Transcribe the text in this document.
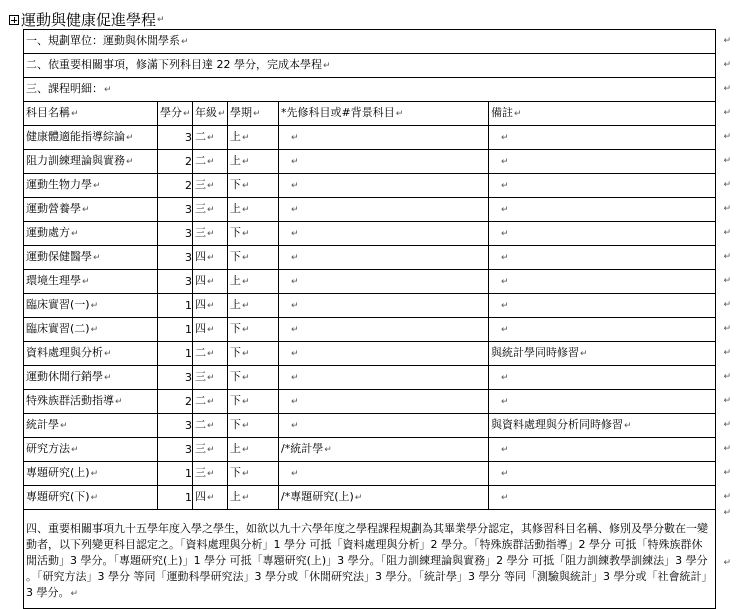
運動與健康促進學程 ↵
一、規劃單位：運動與休閒學系↵					
二、依重要相關事項，修滿下列科目達 22 學分，完成本學程↵					
三、課程明細：↵					
科目名稱↵	學分↵	年級↵	學期↵	*先修科目或#背景科目↵	備註↵
健康體適能指導綜論↵	3	二↵	上↵	↵	↵
阻力訓練理論與實務↵	2	二↵	上↵	↵	↵
運動生物力學↵	2	三↵	下↵	↵	↵
運動營養學↵	3	三↵	上↵	↵	↵
運動處方↵	3	三↵	下↵	↵	↵
運動保健醫學↵	3	四↵	下↵	↵	↵
環境生理學↵	3	四↵	上↵	↵	↵
臨床實習(一)↵	1	四↵	上↵	↵	↵
臨床實習(二)↵	1	四↵	下↵	↵	↵
資料處理與分析↵	1	二↵	下↵	↵	與統計學同時修習↵
運動休閒行銷學↵	3	三↵	下↵	↵	↵
特殊族群活動指導↵	2	二↵	下↵	↵	↵
統計學↵	3	二↵	下↵	↵	與資料處理與分析同時修習↵
研究方法↵	3	三↵	上↵	/*統計學↵	↵
專題研究(上)↵	1	三↵	下↵	↵	↵
專題研究(下)↵	1	四↵	上↵	/*專題研究(上)↵	↵

四、重要相關事項九十五學年度入學之學生，如欲以九十六學年度之學程課程規劃為其畢業學分認定，其修習科目名稱、修別及學分數在一變動者，以下列變更科目認定之。「資料處理與分析」1 學分 可抵「資料處理與分析」2 學分。「特殊族群活動指導」2 學分 可抵「特殊族群休閒活動」3 學分。「專題研究(上)」1 學分 可抵「專題研究(上)」3 學分。「阻力訓練理論與實務」2 學分 可抵「阻力訓練教學訓練法」3 學分 。「研究方法」3 學分 等同「運動科學研究法」3 學分或「休閒研究法」3 學分。「統計學」3 學分 等同「測驗與統計」3 學分或「社會統計」3 學分。↵					
↵
↵
↵
↵
↵
↵
↵
↵
↵
↵
↵
↵
↵
↵
↵
↵
↵
↵
↵
↵
↵
↵
